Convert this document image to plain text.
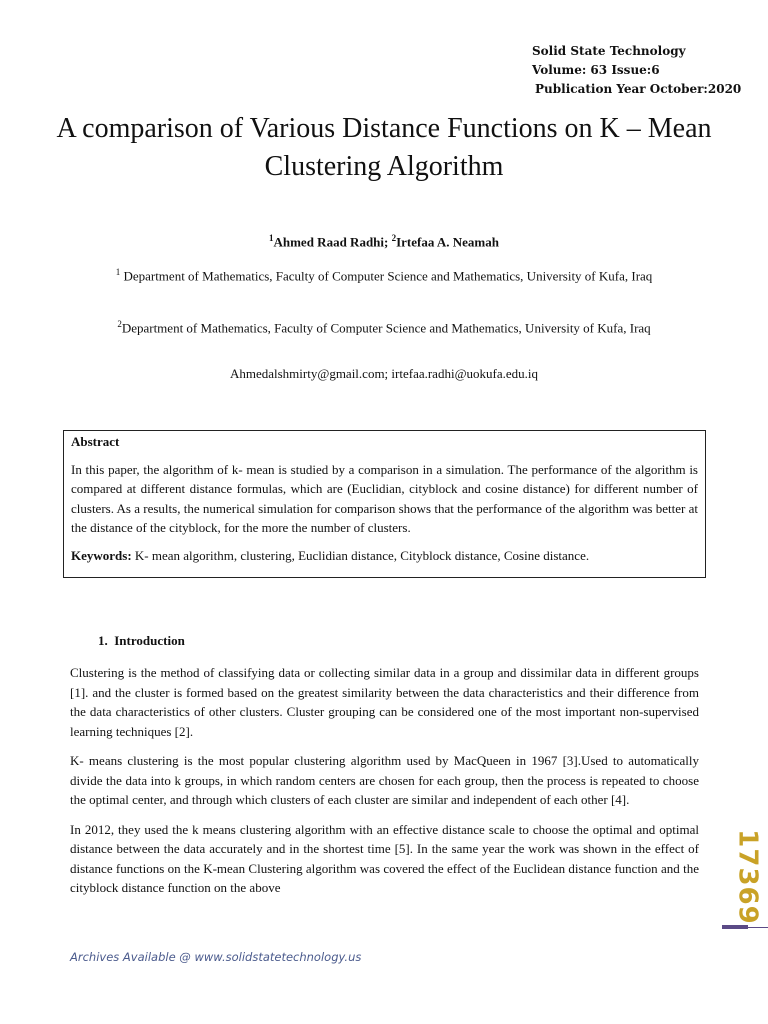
Solid State Technology
Volume: 63 Issue:6
Publication Year October:2020
A comparison of Various Distance Functions on K – Mean Clustering Algorithm
$^1$Ahmed Raad Radhi; $^2$Irtefaa A. Neamah
$^1$ Department of Mathematics, Faculty of Computer Science and Mathematics, University of Kufa, Iraq
$^2$Department of Mathematics, Faculty of Computer Science and Mathematics, University of Kufa, Iraq
Ahmedalshmirty@gmail.com; irtefaa.radhi@uokufa.edu.iq

Abstract

In this paper, the algorithm of k- mean is studied by a comparison in a simulation. The performance of the algorithm is compared at different distance formulas, which are (Euclidian, cityblock and cosine distance) for different number of clusters. As a results, the numerical simulation for comparison shows that the performance of the algorithm was better at the distance of the cityblock, for the more the number of clusters.

Keywords: K- mean algorithm, clustering, Euclidian distance, Cityblock distance, Cosine distance.

1. Introduction

Clustering is the method of classifying data or collecting similar data in a group and dissimilar data in different groups [1]. and the cluster is formed based on the greatest similarity between the data characteristics and their difference from the data characteristics of other clusters. Cluster grouping can be considered one of the most important non-supervised learning techniques [2].

K- means clustering is the most popular clustering algorithm used by MacQueen in 1967 [3].Used to automatically divide the data into k groups, in which random centers are chosen for each group, then the process is repeated to choose the optimal center, and through which clusters of each cluster are similar and independent of each other [4].

In 2012, they used the k means clustering algorithm with an effective distance scale to choose the optimal and optimal distance between the data accurately and in the shortest time [5]. In the same year the work was shown in the effect of distance functions on the K-mean Clustering algorithm was covered the effect of the Euclidean distance function and the cityblock distance function on the above	17369
Archives Available @ www.solidstatetechnology.us
